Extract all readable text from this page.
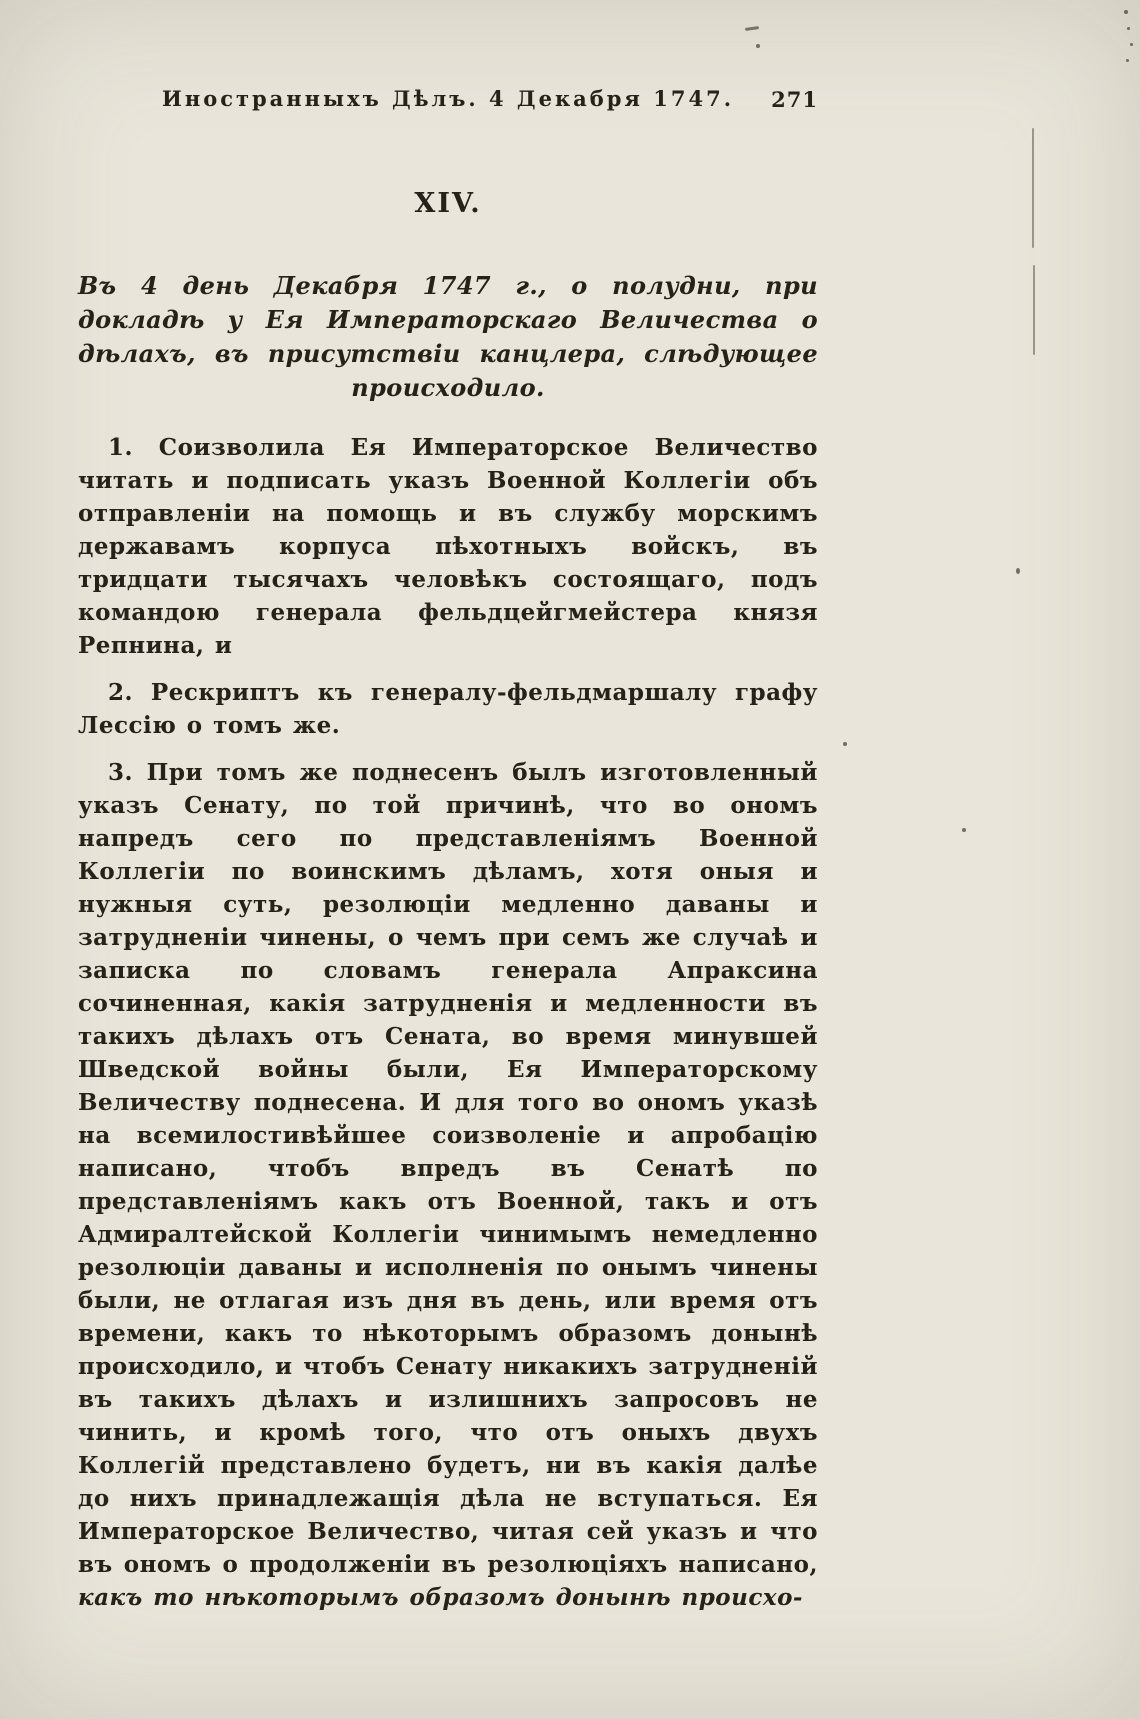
Иностранныхъ Дѣлъ. 4 Декабря 1747.	271
XIV.

Въ 4 день Декабря 1747 г., о полудни, при докладѣ у Ея Императорскаго Величества о дѣлахъ, въ присутствіи канцлера, слѣдующее происходило.

1. Соизволила Ея Императорское Величество читать и подписать указъ Военной Коллегіи объ отправленіи на помощь и въ службу морскимъ державамъ корпуса пѣхотныхъ войскъ, въ тридцати тысячахъ человѣкъ состоящаго, подъ командою генерала фельдцейгмейстера князя Репнина, и

2. Рескриптъ къ генералу-фельдмаршалу графу Лессію о томъ же.

3. При томъ же поднесенъ былъ изготовленный указъ Сенату, по той причинѣ, что во ономъ напредъ сего по представленіямъ Военной Коллегіи по воинскимъ дѣламъ, хотя оныя и нужныя суть, резолюціи медленно даваны и затрудненіи чинены, о чемъ при семъ же случаѣ и записка по словамъ генерала Апраксина сочиненная, какія затрудненія и медленности въ такихъ дѣлахъ отъ Сената, во время минувшей Шведской войны были, Ея Императорскому Величеству поднесена. И для того во ономъ указѣ на всемилостивѣйшее соизволеніе и апробацію написано, чтобъ впредъ въ Сенатѣ по представленіямъ какъ отъ Военной, такъ и отъ Адмиралтейской Коллегіи чинимымъ немедленно резолюціи даваны и исполненія по онымъ чинены были, не отлагая изъ дня въ день, или время отъ времени, какъ то нѣкоторымъ образомъ донынѣ происходило, и чтобъ Сенату никакихъ затрудненій въ такихъ дѣлахъ и излишнихъ запросовъ не чинить, и кромѣ того, что отъ оныхъ двухъ Коллегій представлено будетъ, ни въ какія далѣе до нихъ принадлежащія дѣла не вступаться. Ея Императорское Величество, читая сей указъ и что въ ономъ о продолженіи въ резолюціяхъ написано, какъ то нѣкоторымъ образомъ донынѣ происхо-
